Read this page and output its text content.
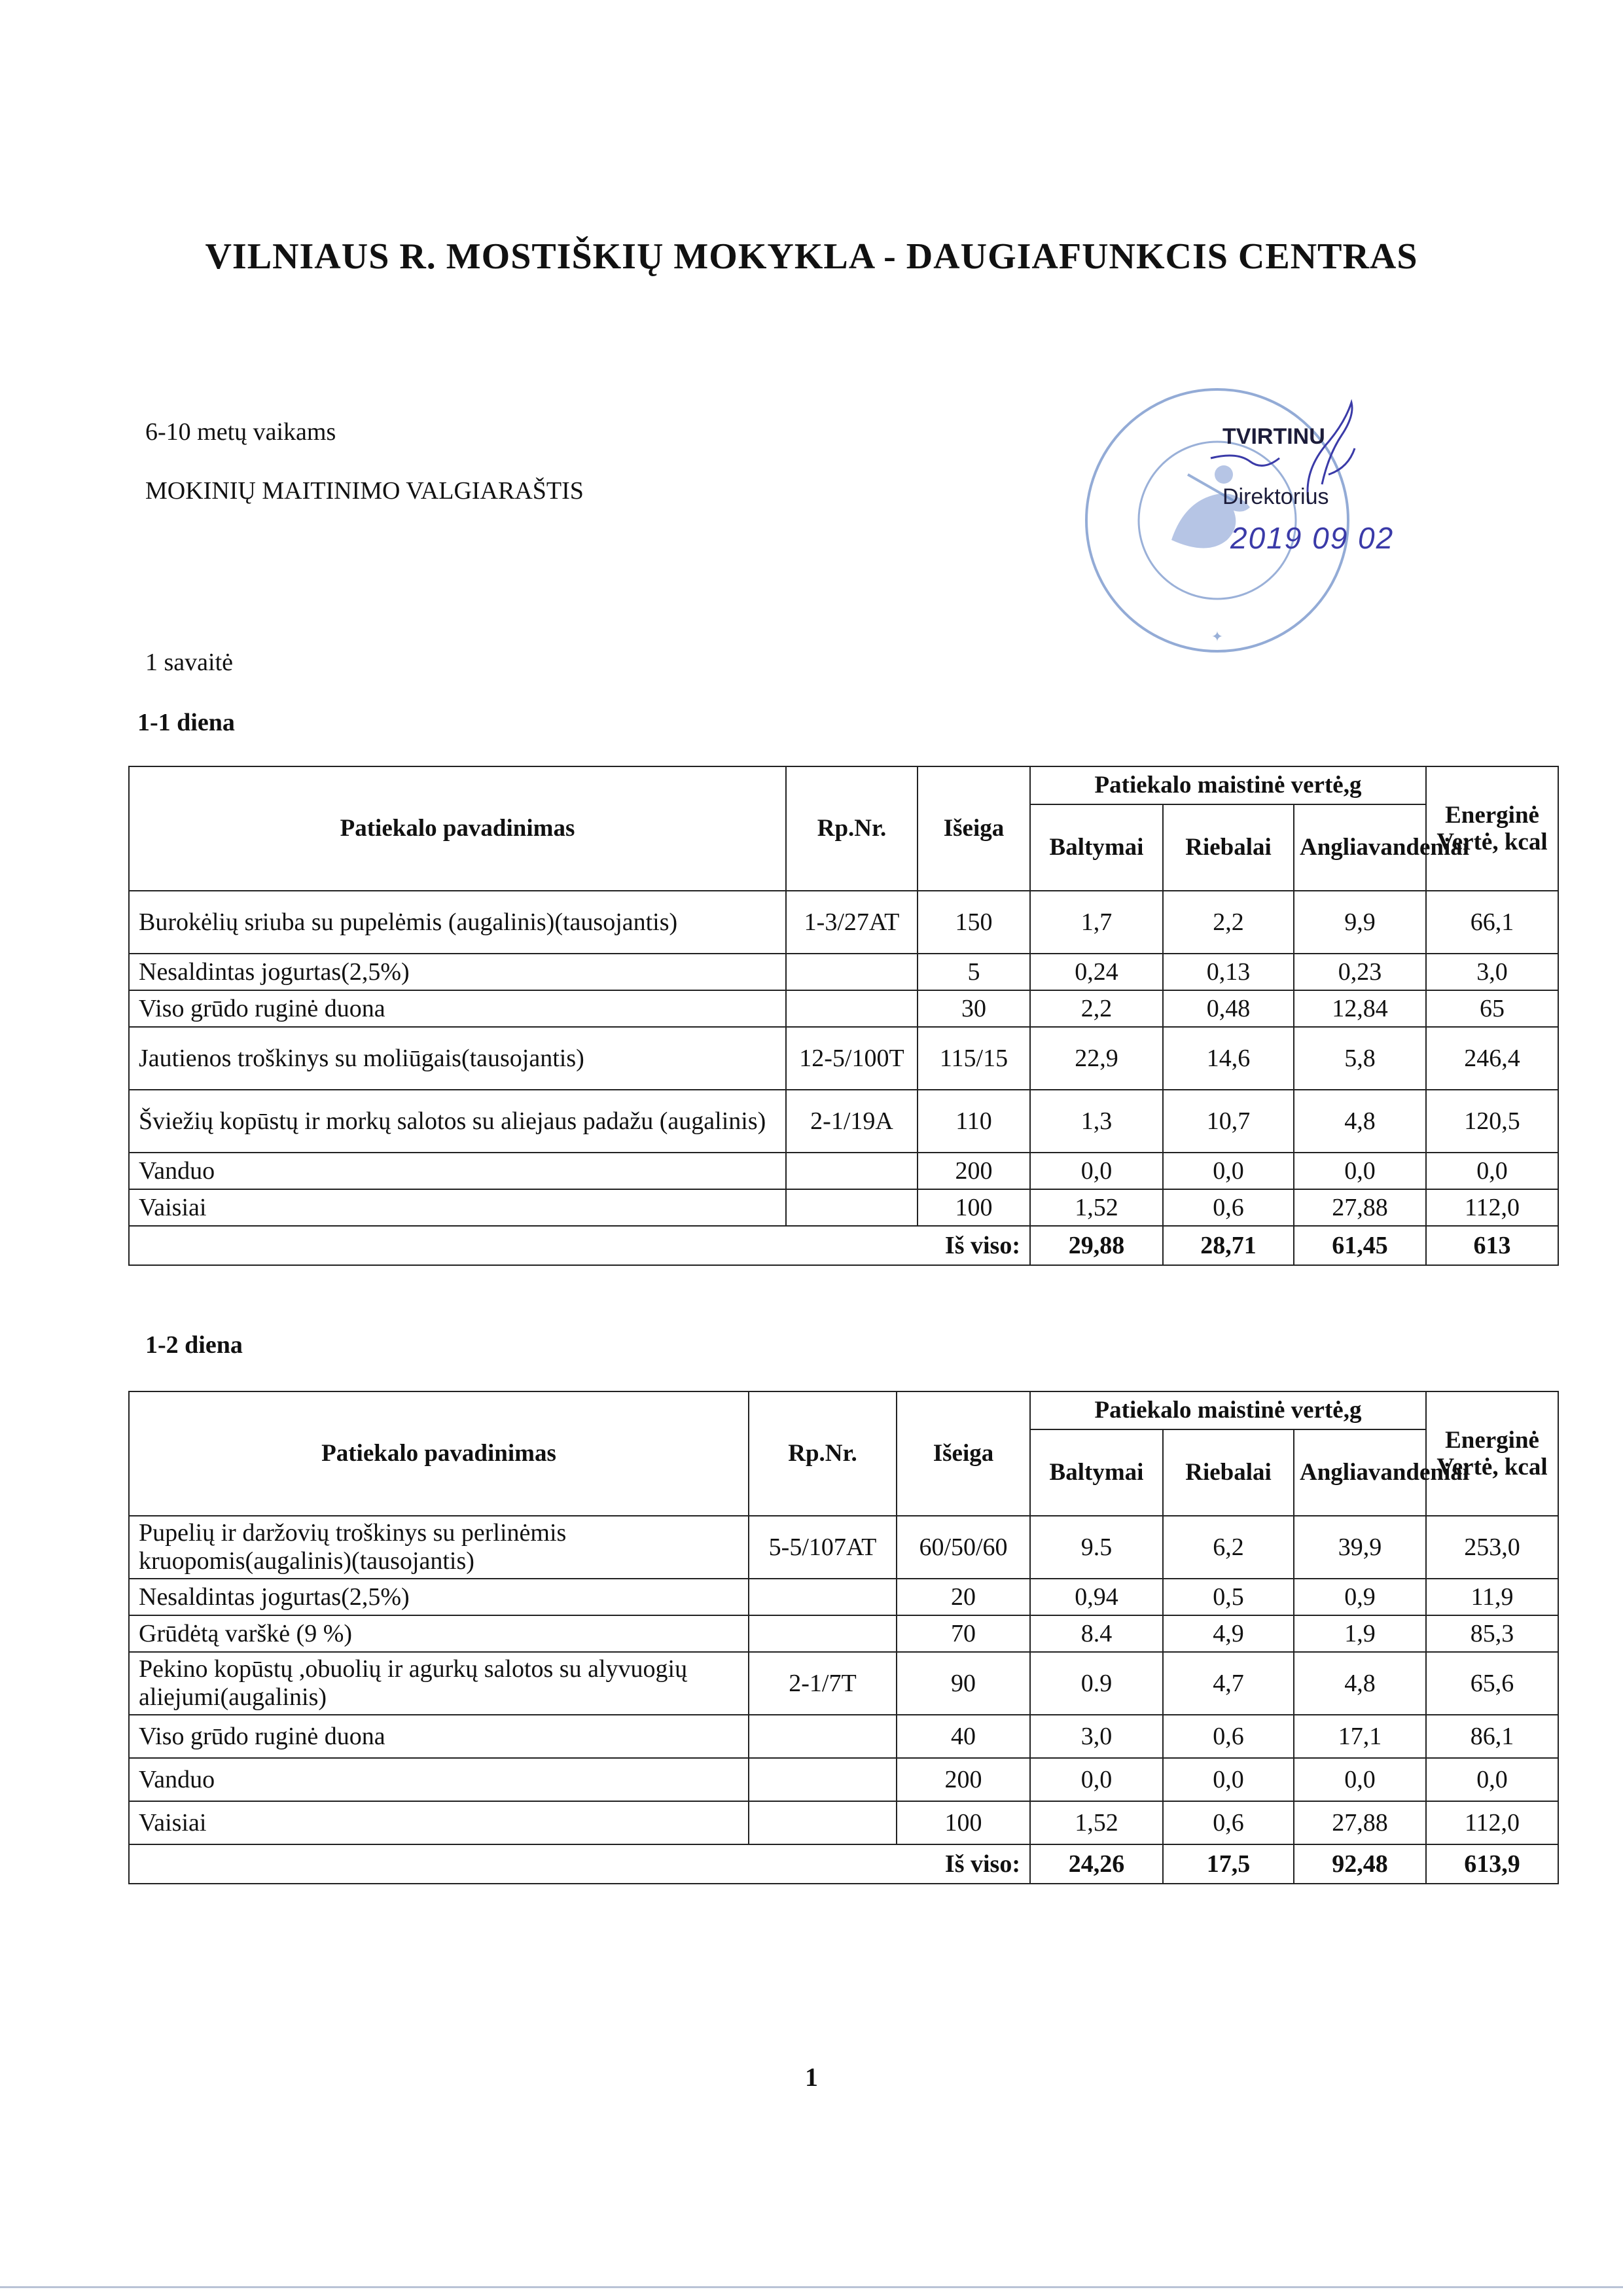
VILNIAUS R. MOSTIŠKIŲ MOKYKLA - DAUGIAFUNKCIS CENTRAS
6-10 metų vaikams
MOKINIŲ MAITINIMO VALGIARAŠTIS
1 savaitė
✦
TVIRTINU
Direktorius
2019 09 02
1-1 diena
Patiekalo pavadinimas	Rp.Nr.	Išeiga	Patiekalo maistinė vertė,g			Energinė Vertė, kcal
			Baltymai	Riebalai	Angliavandeniai	
Burokėlių sriuba su pupelėmis (augalinis)(tausojantis)	1-3/27AT	150	1,7	2,2	9,9	66,1
Nesaldintas jogurtas(2,5%)		5	0,24	0,13	0,23	3,0
Viso grūdo ruginė duona		30	2,2	0,48	12,84	65
Jautienos troškinys su moliūgais(tausojantis)	12-5/100T	115/15	22,9	14,6	5,8	246,4
Šviežių kopūstų ir morkų salotos su aliejaus padažu (augalinis)	2-1/19A	110	1,3	10,7	4,8	120,5
Vanduo		200	0,0	0,0	0,0	0,0
Vaisiai		100	1,52	0,6	27,88	112,0
Iš viso:			29,88	28,71	61,45	613
1-2 diena
Patiekalo pavadinimas	Rp.Nr.	Išeiga	Patiekalo maistinė vertė,g			Energinė Vertė, kcal
			Baltymai	Riebalai	Angliavandeniai	
Pupelių ir daržovių troškinys su perlinėmis kruopomis(augalinis)(tausojantis)	5-5/107AT	60/50/60	9.5	6,2	39,9	253,0
Nesaldintas jogurtas(2,5%)		20	0,94	0,5	0,9	11,9
Grūdėtą varškė (9 %)		70	8.4	4,9	1,9	85,3
Pekino kopūstų ,obuolių ir agurkų salotos su alyvuogių aliejumi(augalinis)	2-1/7T	90	0.9	4,7	4,8	65,6
Viso grūdo ruginė duona		40	3,0	0,6	17,1	86,1
Vanduo		200	0,0	0,0	0,0	0,0
Vaisiai		100	1,52	0,6	27,88	112,0
Iš viso:			24,26	17,5	92,48	613,9
1
